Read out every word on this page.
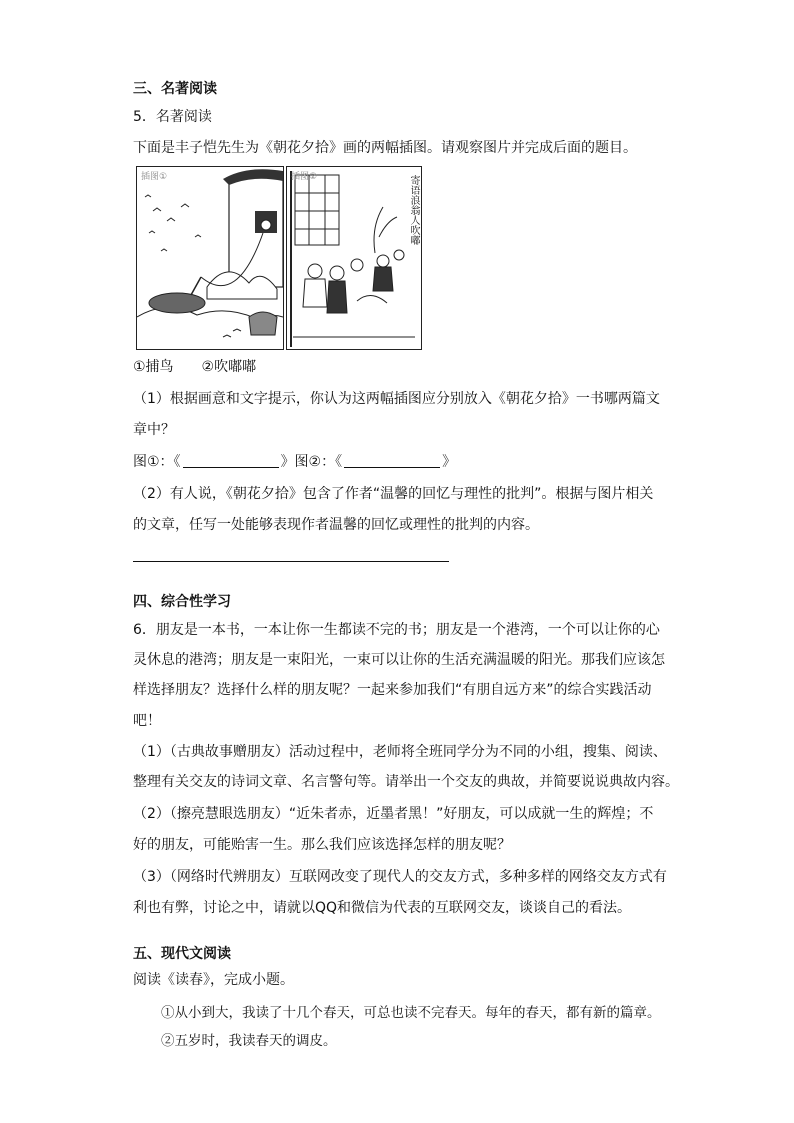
三、名著阅读
5．名著阅读
下面是丰子恺先生为《朝花夕拾》画的两幅插图。请观察图片并完成后面的题目。
插图①	插图②	寄语浪翁人吹嘟
①捕鸟　　②吹嘟嘟
（1）根据画意和文字提示，你认为这两幅插图应分别放入《朝花夕拾》一书哪两篇文
章中？
图①：《	》图②：《	》
（2）有人说，《朝花夕拾》包含了作者“温馨的回忆与理性的批判”。根据与图片相关
的文章，任写一处能够表现作者温馨的回忆或理性的批判的内容。
四、综合性学习
6．朋友是一本书，一本让你一生都读不完的书；朋友是一个港湾，一个可以让你的心
灵休息的港湾；朋友是一束阳光，一束可以让你的生活充满温暖的阳光。那我们应该怎
样选择朋友？选择什么样的朋友呢？一起来参加我们“有朋自远方来”的综合实践活动
吧！
（1）（古典故事赠朋友）活动过程中，老师将全班同学分为不同的小组，搜集、阅读、
整理有关交友的诗词文章、名言警句等。请举出一个交友的典故，并简要说说典故内容。
（2）（擦亮慧眼选朋友）“近朱者赤，近墨者黑！”好朋友，可以成就一生的辉煌；不
好的朋友，可能贻害一生。那么我们应该选择怎样的朋友呢？
（3）（网络时代辨朋友）互联网改变了现代人的交友方式，多种多样的网络交友方式有
利也有弊，讨论之中，请就以QQ和微信为代表的互联网交友，谈谈自己的看法。
五、现代文阅读
阅读《读春》，完成小题。
①从小到大，我读了十几个春天，可总也读不完春天。每年的春天，都有新的篇章。
②五岁时，我读春天的调皮。
